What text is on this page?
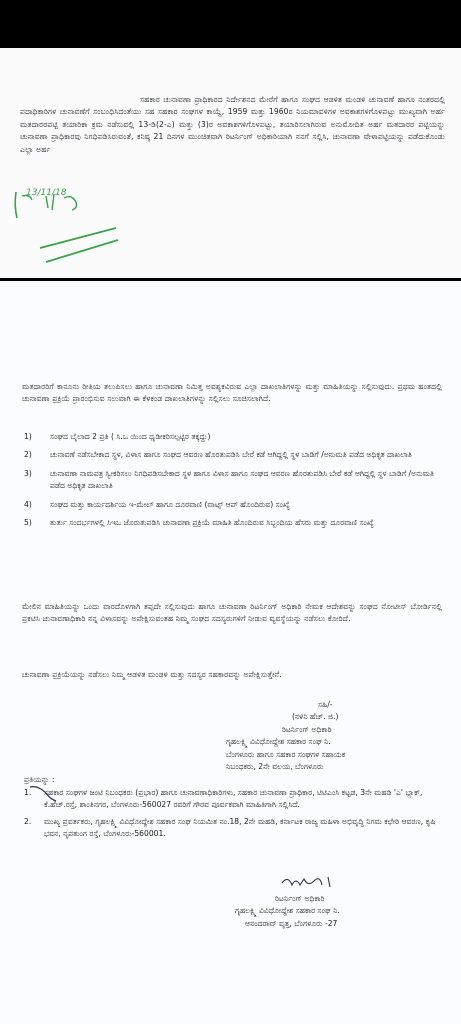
ಸಹಕಾರ ಚುನಾವಣಾ ಪ್ರಾಧಿಕಾರದ ನಿರ್ದೇಶನದ ಮೇರೆಗೆ ಹಾಗೂ ಸಂಘದ ಆಡಳಿತ ಮಂಡಳಿ ಚುನಾವಣೆ ಹಾಗೂ ನಂತರದಲ್ಲಿ ಪದಾಧಿಕಾರಿಗಳ ಚುನಾವಣೆಗೆ ಸಂಬಂಧಿಸಿದಂತೆಯು ಸಹ ಸಹಕಾರ ಸಂಘಗಳ ಕಾಯ್ದೆ, 1959 ಮತ್ತು 1960ರ ನಿಯಮಾವಳಿಗಳ ಅವಕಾಶಗಳಿಗೊಳಪಟ್ಟು ಮುಖ್ಯವಾಗಿ ಅರ್ಹ ಮತದಾರರಪಟ್ಟಿ ತಯಾರಿಕಾ ಕ್ರಮ ನಡೆಸುವಲ್ಲಿ 13-ಡಿ(2-ಎ) ಮತ್ತು (3)ರ ಅವಕಾಶಗಳಿಗೊಳಪಟ್ಟು, ತಯಾರಿಸಲಾಗಿರುವ ಅನುಮೋದಿತ ಅರ್ಹ ಮತದಾರರ ಪಟ್ಟಿಯನ್ನು ಚುನಾವಣಾ ಪ್ರಾಧಿಕಾರವು ನಿಗಧಿಪಡಿಸಿರುವಂತೆ, ಕನಿಷ್ಠ 21 ದಿನಗಳ ಮುಂಚಿತವಾಗಿ ರಿಟರ್ನಿಂಗ್ ಅಧಿಕಾರಿಯಾಗಿ ನನಗೆ ಸಲ್ಲಿಸಿ, ಚುನಾವಣಾ ವೇಳಾಪಟ್ಟಿಯನ್ನು ಪಡೆದುಕೊಂಡು ಎಲ್ಲಾ ಅರ್ಹ
13/11/18
ಮತದಾರರಿಗೆ ಕಾನೂನು ರೀತಿಯ ತಲುಪಿಸಲು ಹಾಗೂ ಚುನಾವಣಾ ನಿಮಿತ್ತ ಅವಶ್ಯಕವಿರುವ ಎಲ್ಲಾ ದಾಖಲಾತಿಗಳನ್ನು ಮತ್ತು ಮಾಹಿತಿಯನ್ನು ಸಲ್ಲಿಸುವುದು. ಪ್ರಥಮ ಹಂತದಲ್ಲಿ ಚುನಾವಣಾ ಪ್ರಕ್ರಿಯೆ ಪ್ರಾರಂಭಿಸುವ ಸಲುವಾಗಿ ಈ ಕೆಳಕಂಡ ದಾಖಲಾತಿಗಳನ್ನು ಸಲ್ಲಿಸಲು ಸೂಚಿಸಲಾಗಿದೆ.
1) ಸಂಘದ ಬೈಲಾದ 2 ಪ್ರತಿ ( ಸಿ.ಒ ಯಿಂದ ಧೃಡೀಕರಿಸಲ್ಪಟ್ಟಿರ ತಕ್ಕದ್ದು)
2) ಚುನಾವಣೆ ನಡೆಸಬೇಕಾದ ಸ್ಥಳ, ವಿಳಾಸ ಹಾಗೂ ಸಂಘದ ಆವರಣ ಹೊರತುಪಡಿಸಿ ಬೇರೆ ಕಡೆ ಆಗಿದ್ದಲ್ಲಿ ಸ್ಥಳ ಬಾಡಿಗೆ /ಅನುಮತಿ ಪಡೆದ ಅಧಿಕೃತ ದಾಖಲಾತಿ
3) ಚುನಾವಣಾ ನಾಮಪತ್ರ ಸ್ವೀಕರಿಸಲು ನಿಗಧಿಪಡಿಸಬೇಕಾದ ಸ್ಥಳ ಹಾಗೂ ವಿಳಾಸ ಹಾಗೂ ಸಂಘದ ಆವರಣ ಹೊರತುಪಡಿಸಿ ಬೇರೆ ಕಡೆ ಆಗಿದ್ದಲ್ಲಿ ಸ್ಥಳ ಬಾಡಿಗೆ /ಅನುಮತಿ ಪಡೆದ ಅಧಿಕೃತ ದಾಖಲಾತಿ
4) ಸಂಘದ ಮತ್ತು ಕಾರ್ಯದರ್ಶಿಯ ಇ-ಮೇಲ್ ಹಾಗೂ ದೂರವಾಣಿ (ವಾಟ್ಸ್ ಆಪ್ ಹೊಂದಿರುವ) ಸಂಖ್ಯೆ
5) ತುರ್ತು ಸಂದರ್ಭಗಳಲ್ಲಿ ಸಿಇಒ ಜೊರುತುಪಡಿಸಿ ಚುನಾವಣಾ ಪ್ರಕ್ರಿಯೆ ಮಾಹಿತಿ ಹೊಂದಿರುವ ಸಿಬ್ಬಂದಿಯ ಹೆಸರು ಮತ್ತು ದೂರವಾಣಿ ಸಂಖ್ಯೆ
ಮೇಲಿನ ಮಾಹಿತಿಯನ್ನು ಒಂದು ವಾರದೊಳಗಾಗಿ ತಪ್ಪದೇ ಸಲ್ಲಿಸುವುದು ಹಾಗೂ ಚುನಾವಣಾ ರಿಟರ್ನಿಂಗ್ ಅಧಿಕಾರಿ ನೇಮಕ ಆದೇಶವನ್ನು ಸಂಘದ ನೋಟೀಸ್ ಬೋರ್ಡಿನಲ್ಲಿ ಪ್ರಕಟಿಸಿ ಚುನಾವಣಾಧಿಕಾರಿ ನನ್ನ ವಿಳಾಸವನ್ನು ಅಪೇಕ್ಷಿಸುವಂತಹ ನಿಮ್ಮ ಸಂಘದ ಸದಸ್ಯರುಗಳಿಗೆ ನೀಡುವ ವ್ಯವಸ್ಥೆಯನ್ನು ನಡೆಸಲು ಕೋರಿದೆ.
ಚುನಾವಣಾ ಪ್ರಕ್ರಿಯೆಯನ್ನು ನಡೆಸಲು ನಿಮ್ಮ ಆಡಳಿತ ಮಂಡಳಿ ಮತ್ತು ಸದಸ್ಯರ ಸಹಕಾರವನ್ನು ಅಪೇಕ್ಷಿಸುತ್ತೇನೆ.
ಸಹಿ/-
(ನಳಿನಿ ಹೆಚ್. ಜಿ.)
ರಿಟರ್ನಿಂಗ್ ಅಧಿಕಾರಿ
ಗೃಹಲಕ್ಷ್ಮಿ ವಿವಿಧೋದ್ದೇಶ ಸಹಕಾರ ಸಂಘ ನಿ.
ಬೆಂಗಳೂರು ಹಾಗೂ ಸಹಕಾರ ಸಂಘಗಳ ಸಹಾಯಕ
ನಿಬಂಧಕರು, 2ನೇ ವಲಯ, ಬೆಂಗಳೂರು
ಪ್ರತಿಯನ್ನು :
1. ಸಹಕಾರ ಸಂಘಗಳ ಜಂಟಿ ನಿಬಂಧಕರು (ಪ್ರಭಾರ) ಹಾಗೂ ಚುನಾವಣಾಧಿಕಾರಿಗಳು, ಸಹಕಾರ ಚುನಾವಣಾ ಪ್ರಾಧಿಕಾರ, ಟಿಟಿಎಂಸಿ ಕಟ್ಟಡ, 3ನೇ ಮಹಡಿ 'ಎ' ಬ್ಲಾಕ್, ಕೆ.ಹೆಚ್.ರಸ್ತೆ, ಶಾಂತಿನಗರ, ಬೆಂಗಳೂರು-560027 ರವರಿಗೆ ಗೌರವ ಪೂರ್ವಕವಾಗಿ ಮಾಹಿತಿಗಾಗಿ ಸಲ್ಲಿಸಿದೆ.
2. ಮುಖ್ಯ ಪ್ರವರ್ತಕರು, ಗೃಹಲಕ್ಷ್ಮಿ ವಿವಿಧೋದ್ದೇಶ ಸಹಕಾರ ಸಂಘ ನಿಯಮಿತ ನಂ.18, 2ನೇ ಮಹಡಿ, ಕರ್ನಾಟಕ ರಾಜ್ಯ ಮಹಿಳಾ ಅಭಿವೃದ್ಧಿ ನಿಗಮ ಕಛೇರಿ ಆವರಣ, ಕೃಷಿ ಭವನ, ನೃಪತುಂಗ ರಸ್ತೆ, ಬೆಂಗಳೂರು-560001.
ರಿಟರ್ನಿಂಗ್ ಅಧಿಕಾರಿ
ಗೃಹಲಕ್ಷ್ಮಿ ವಿವಿಧೋದ್ದೇಶ ಸಹಕಾರ ಸಂಘ ನಿ.
ಆನಂದರಾವ್ ವೃತ್ತ, ಬೆಂಗಳೂರು -27
